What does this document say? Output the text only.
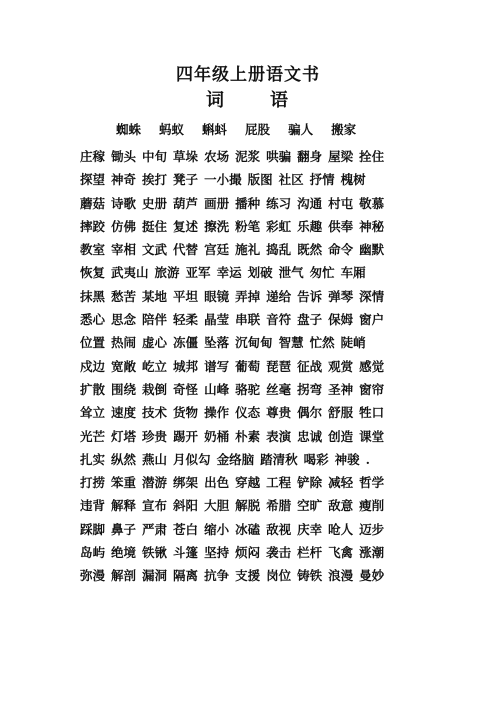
四年级上册语文书
词 语
蜘蛛 蚂蚁 蝌蚪 屁股 骗人 搬家
庄稼 锄头 中旬 草垛 农场 泥浆 哄骗 翻身 屋梁 拴住
探望 神奇 挨打 凳子 一小撮 版图 社区 抒情 槐树
蘑菇 诗歌 史册 葫芦 画册 播种 练习 沟通 村屯 敬慕
摔跤 仿佛 挺住 复述 擦洗 粉笔 彩虹 乐趣 供奉 神秘
教室 宰相 文武 代替 宫廷 施礼 捣乱 既然 命令 幽默
恢复 武夷山 旅游 亚军 幸运 划破 泄气 匆忙 车厢
抹黑 愁苦 某地 平坦 眼镜 弄掉 递给 告诉 弹琴 深情
悉心 思念 陪伴 轻柔 晶莹 串联 音符 盘子 保姆 窗户
位置 热闹 虚心 冻僵 坠落 沉甸甸 智慧 忙然 陡峭
戍边 宽敞 屹立 城邦 谱写 葡萄 琵琶 征战 观赏 感觉
扩散 围绕 栽倒 奇怪 山峰 骆驼 丝毫 拐弯 圣神 窗帘
耸立 速度 技术 货物 操作 仪态 尊贵 偶尔 舒服 牲口
光芒 灯塔 珍贵 踢开 奶桶 朴素 表演 忠诚 创造 课堂
扎实 纵然 燕山 月似勾 金络脑 踏清秋 喝彩 神骏 .
打捞 笨重 潜游 绑架 出色 穿越 工程 铲除 减轻 哲学
违背 解释 宣布 斜阳 大胆 解脱 希腊 空旷 敌意 瘦削
踩脚 鼻子 严肃 苍白 缩小 冰磕 敌视 庆幸 呛人 迈步
岛屿 绝境 铁锹 斗篷 坚持 烦闷 袭击 栏杆 飞禽 涨潮
弥漫 解剖 漏洞 隔离 抗争 支援 岗位 铸铁 浪漫 曼妙
